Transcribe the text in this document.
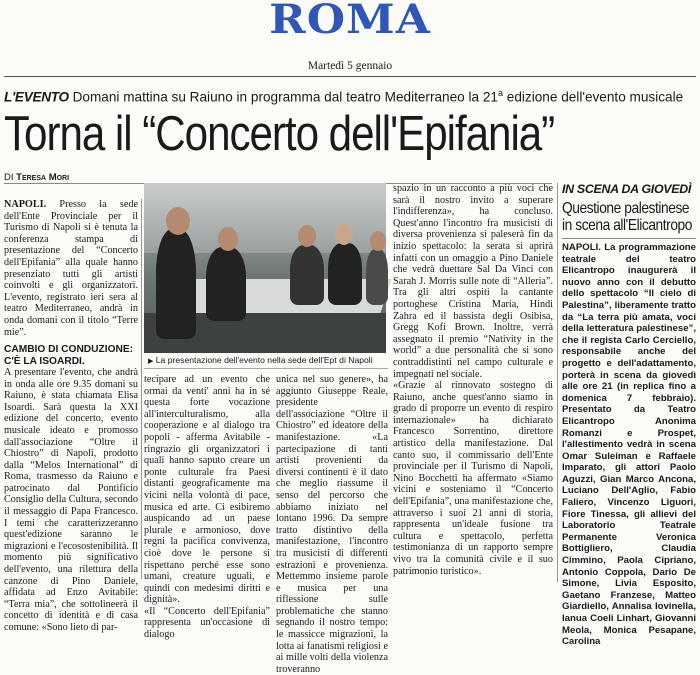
ROMA
Martedì 5 gennaio
L'EVENTO Domani mattina su Raiuno in programma dal teatro Mediterraneo la 21$^a$ edizione dell'evento musicale
Torna il “Concerto dell'Epifania”
DI Teresa Mori

NAPOLI. Presso la sede dell'Ente Provinciale per il Turismo di Napoli si è tenuta la conferenza stampa di presentazione del “Concerto dell'Epifania” alla quale hanno presenziato tutti gli artisti coinvolti e gli organizzatori. L'evento, registrato ieri sera al teatro Mediterraneo, andrà in onda domani con il titolo “Terre mie”.

CAMBIO DI CONDUZIONE: C'È LA ISOARDI.
A presentare l'evento, che andrà in onda alle ore 9.35 domani su Raiuno, è stata chiamata Elisa Isoardi. Sarà questa la XXI edizione del concerto, evento musicale ideato e promosso dall'associazione “Oltre il Chiostro” di Napoli, prodotto dalla “Melos International” di Roma, trasmesso da Raiuno e patrocinato dal Pontificio Consiglio della Cultura, secondo il messaggio di Papa Francesco. I temi che caratterizzeranno quest'edizione saranno le migrazioni e l'ecosostenibilità. Il momento più significativo dell'evento, una rilettura della canzone di Pino Daniele, affidata ad Enzo Avitabile: “Terra mia”, che sottolineerà il concetto di identità e di casa comune: «Sono lieto di par-

▶ La presentazione dell'evento nella sede dell'Ept di Napoli

tecipare ad un evento che ormai da venti' anni ha in sé questa forte vocazione all'interculturalismo, alla cooperazione e al dialogo tra popoli - afferma Avitabile - ringrazio gli organizzatori i quali hanno saputo creare un ponte culturale fra Paesi distanti geograficamente ma vicini nella volontà di pace, musica ed arte. Ci esibiremo auspicando ad un paese plurale e armonioso, dove regni la pacifica convivenza, cioè dove le persone si rispettano perché esse sono umani, creature uguali, e quindi con medesimi diritti e dignità».

«Il “Concerto dell'Epifania” rappresenta un'occasione di dialogo

unica nel suo genere», ha aggiunto Giuseppe Reale, presidente dell'associazione “Oltre il Chiostro” ed ideatore della manifestazione. «La partecipazione di tanti artisti provenienti da diversi continenti è il dato che meglio riassume il senso del percorso che abbiamo iniziato nel lontano 1996. Da sempre tratto distintivo della manifestazione, l'incontro tra musicisti di differenti estrazioni e provenienza. Mettemmo insieme parole e musica per una riflessione sulle problematiche che stanno segnando il nostro tempo: le massicce migrazioni, la lotta ai fanatismi religiosi e ai mille volti della violenza troveranno

spazio in un racconto a più voci che sarà il nostro invito a superare l'indifferenza», ha concluso. Quest'anno l'incontro fra musicisti di diversa provenienza si paleserà fin da inizio spettacolo: la serata si aprirà infatti con un omaggio a Pino Daniele che vedrà duettare Sal Da Vinci con Sarah J. Morris sulle note di “Alleria”. Tra gli altri ospiti la cantante portoghese Cristina Maria, Hindi Zahra ed il bassista degli Osibisa, Gregg Kofi Brown. Inoltre, verrà assegnato il premio “Nativity in the world” a due personalità che si sono contraddistinti nel campo culturale e impegnati nel sociale.

«Grazie al rinnovato sostegno di Raiuno, anche quest'anno siamo in grado di proporre un evento di respiro internazionale» ha dichiarato Francesco Sorrentino, direttore artistico della manifestazione. Dal canto suo, il commissario dell'Ente provinciale per il Turismo di Napoli, Nino Bocchetti ha affermato «Siamo vicini e sosteniamo il “Concerto dell'Epifania”, una manifestazione che, attraverso i suoi 21 anni di storia, rappresenta un'ideale fusione tra cultura e spettacolo, perfetta testimonianza di un rapporto sempre vivo tra la comunità civile e il suo patrimonio turistico».

IN SCENA DA GIOVEDÌ
Questione palestinese in scena all'Elicantropo
NAPOLI. La programmazione teatrale del teatro Elicantropo inaugurerà il nuovo anno con il debutto dello spettacolo “Il cielo di Palestina”, liberamente tratto da “La terra più amata, voci della letteratura palestinese”, che il regista Carlo Cerciello, responsabile anche del progetto e dell'adattamento, porterà in scena da giovedì alle ore 21 (in replica fino a domenica 7 febbraio). Presentato da Teatro Elicantropo Anonima Romanzi e Prospet, l'allestimento vedrà in scena Omar Suleiman e Raffaele Imparato, gli attori Paolo Aguzzi, Gian Marco Ancona, Luciano Dell'Aglio, Fabio Faliero, Vincenzo Liguori, Fiore Tinessa, gli allievi del Laboratorio Teatrale Permanente Veronica Bottigliero, Claudia Cimmino, Paola Cipriano, Antonio Coppola, Dario De Simone, Livia Esposito, Gaetano Franzese, Matteo Giardiello, Annalisa Iovinella, Ianua Coeli Linhart, Giovanni Meola, Monica Pesapane, Carolina
